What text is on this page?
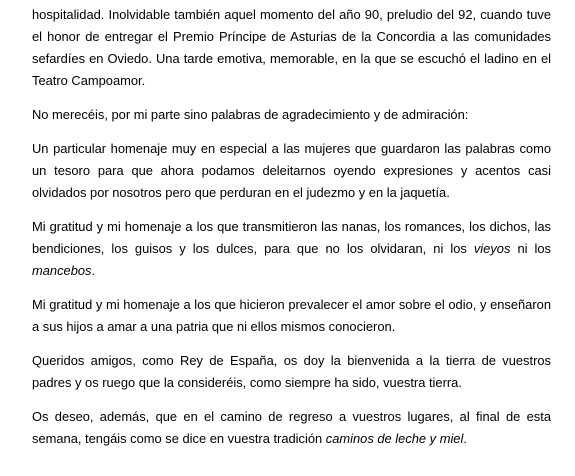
hospitalidad. Inolvidable también aquel momento del año 90, preludio del 92, cuando tuve el honor de entregar el Premio Príncipe de Asturias de la Concordia a las comunidades sefardíes en Oviedo. Una tarde emotiva, memorable, en la que se escuchó el ladino en el Teatro Campoamor.

No merecéis, por mi parte sino palabras de agradecimiento y de admiración:

Un particular homenaje muy en especial a las mujeres que guardaron las palabras como un tesoro para que ahora podamos deleitarnos oyendo expresiones y acentos casi olvidados por nosotros pero que perduran en el judezmo y en la jaquetía.

Mi gratitud y mi homenaje a los que transmitieron las nanas, los romances, los dichos, las bendiciones, los guisos y los dulces, para que no los olvidaran, ni los vieyos ni los mancebos.

Mi gratitud y mi homenaje a los que hicieron prevalecer el amor sobre el odio, y enseñaron a sus hijos a amar a una patria que ni ellos mismos conocieron.

Queridos amigos, como Rey de España, os doy la bienvenida a la tierra de vuestros padres y os ruego que la consideréis, como siempre ha sido, vuestra tierra.

Os deseo, además, que en el camino de regreso a vuestros lugares, al final de esta semana, tengáis como se dice en vuestra tradición caminos de leche y miel.
